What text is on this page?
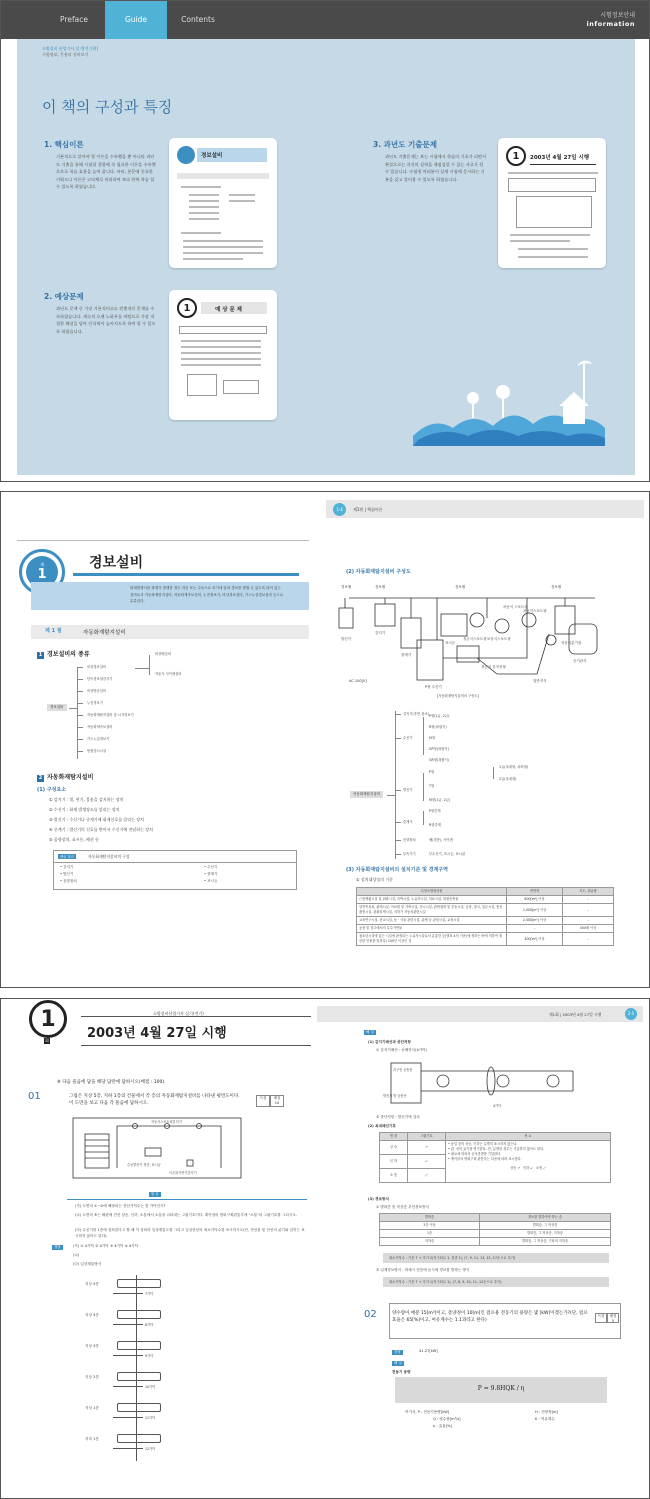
Preface	Guide	Contents	시험정보안내
information
소방설비 산업기사 실기[전기편]
시험정보, 응용의 설비보기
이 책의 구성과 특징
1. 핵심이론
기본적으로 알아야 할 이론을 수록했을 뿐 아니라 과년도 기출을 통해 시험할 경향에 꼭 필요한 이론을 수록했으므로 학습 효율을 높여 줍니다. 특히, 본문에 중요한 키워드나 이론은 고딕체로 처리하여 보다 반복 학습 할 수 있도록 하였습니다.
2. 예상문제
과년도 문제 중 가장 기본적이고도 빈출적인 문제를 수록하였습니다. 계속적 오랜 노하우를 바탕으로 가장 적절한 해설을 담아 인식력이 높아지도록 하여 할 수 있도록 하였습니다.
3. 과년도 기출문제
과년도 기출문제는 보는 시험에서 학습의 기초가 되면서 완결으로는 자신의 실력을 재점검할 수 있는 자료가 될 수 있습니다. 수험생 여러분이 실제 시험에 응시하는 기분을 갖고 풀어볼 수 있도록 하였습니다.
경보설비
1	예 상 문 제
1	2003년 4월 27일 시행
제
1
경보설비
화재발생시를 화재가 발생한 경우 자동 또는 수동으로 조기에 알려 경보를 발할 수 있도록 되어 있는 설비로서 자동화재탐지설비, 자동화재속보설비, 누전경보기, 비상경보설비, 가스누설경보설비 등으로 분류된다.
제 1 절	자동화재탐지설비
1 경보설비의 종류
경보설비
비상경보설비
단독경보형감지기
비상방송설비
누전경보기
자동화재탐지설비 및 시각경보기
자동화재속보설비
가스누설경보기
통합감시시설
비상벨설비
자동식 사이렌설비
2 자동화재탐지설비
(1) 구성요소
① 감지기 : 열, 연기, 불꽃을 감지하는 장치
② 수신기 : 화재 발생장소를 알리는 장치
③ 발신기 : 수신기나 중계기에 화재신호를 알리는 장치
④ 중계기 : 발신기의 신호를 받아서 수신기에 전달하는 장치
⑤ 음향장치, 표시등, 배선 등
핵심 정리	자동화재탐지설비의 구성
• 감지기
• 발신기
• 음향장치
• 수신기
• 중계기
• 표시등
1-4	제1편 | 핵심이론
(2) 자동화재탐지설비 구성도
경보벨	경보벨	경보벨	경보벨
발신기
감지기
중계기
표시등
정온식스포트형 보상식스포트형
차동식스포트형
공기관식
AC 100[V]
P형 수신기
자동식분기장
열반지식
정온식 감지선형
차동식 스포트형
[자동화재탐지설비의 구성도]
자동화재탐지설비
감지기(후면 참조)
수신기
발신기
중계기
음향장치
부속기기
P형(1급, 2급)
R형(복합식)
M형
GP형(복합식)
GR형(복합식)
P형
T형
M형(1급, 2급)
1급(옥내형, 옥외형)
2급(옥내형)
P형중계
R형중계
벨(경종), 사이렌
부수신기, 표시등, 표시판
(3) 자동화재탐지설비의 설치기준 및 경계구역
① 설치대상물의 기준
특정소방대상물	연면적	지도, 취급량
근린생활시설 및 위락시설, 숙박시설, 노유자시설, 의료시설, 복합건축물	600[m²] 이상	–
일반목욕장, 판매시설, 의료원 및 가축시설, 전시시설, 관람집회 및 운동시설, 공장, 창고, 업무시설, 통신촬영시설, 관광휴게시설, 지하가 자동차관련시설	1,000[m²] 이상	–
교육연구시설, 종교시설, 동ㆍ식물 관련시설, 위생 등 관련시설, 교정시설	2,000[m²] 이상	–
공장 및 창고에서의 특수가연물	–	500배 이상
청소년시설에 있는 시설에 판정되는 노유자시설로서 유흥한 등(별표 4의 기준)에 정하는 바에 의하여 계산한 인원을 말한다) 100인 이상인 것	400[m²] 이상	–
1
회
소방설비산업기사 실기(전기)
2003년 4월 27일 시행
※ 다음 물음에 답을 해당 답란에 답하시오(배점 : 100).
01	그림은 지상 5층, 지하 1층의 건물에서 각 층의 자동화재탐지설비를 나타낸 평면도이다. 이 도면을 보고 다음 각 물음에 답하시오.
득점	배점 10
자동식스포트형감지기
수동발신기 경종, 표시등
이온화식연기감지기
물 음
(가) 도면의 ①~④에 해당되는 전선가닥수는 몇 가닥인가?
(나) 도면의 ⑤는 배관에 전선 상승, 인하, 소통에서 소통을 나타내는 그림기호이다. 계이점의 방화구획관통부에 "소통"의 그림기호를 그리시오.
(다) 수신기를 1층에 설치한다고 할 때 이 설비의 입상계통도를 그리고 입상전선의 최소가닥수를 표시하시오(단, 전선관 및 전선의 굵기와 길이는 표시하지 않아도 된다).
정답	(가) ① 4가닥 ② 4가닥 ③ 4가닥 ④ 4가닥
(나)
(다) 입상계통방식
지상 5층
7가닥
지상 4층
8가닥
지상 3층
9가닥
지상 2층
10가닥
지상 1층
11가닥
지하 1층
12가닥
제1회 | 2003년 4월 27일 시행	2-5
해 설
(1) 감지기배선과 종단저항
① 감지기배선 : 송배전식(4가닥)
지구선 공통선
발신기 발 공통선
4가닥
② 종단저항 : 발신기에 설치
(2) 옥내배선기호
명 칭	그림기호	적 요
상 승	↗	• 동일 층의 상승, 인하는 특별히 표시하지 않는다.
• 관, 선의 굵기를 명기한다. 단, 분명한 경우는 기입하지 않아도 된다.
• 필요에 따라서 공사종별을 기입한다.
• 케이블의 방화구획 관통부는 다음에 따라 표시한다.
상승 ↗   인하 ↙   소통 ⤢

인 하	↙	
소 통	⤢	
(3) 경보방식
① 발화층 및 직상층 우선경보방식
발화층	경보를 발하여야 하는 층
2층 이상	발화층, 그 직상층
1층	발화층, 그 직상층, 지하층
지하층	발화층, 그 직상층, 기타의 지하층
최소가닥수 : 기본 7 + 추가 2(지구회로 1, 경종 1), (7, 9, 11, 13, 15, 17순으로 추가)
② 일제경보방식 : 화재시 전층에 동시에 경보를 발하는 방식
최소가닥수 : 기본 7 + 추가 1(지구회로 1), (7, 8, 9, 10, 11, 12순으로 추가)
02	양수량이 매분 15[m³]이고, 총양정이 10[m]인 펌프용 전동기의 용량은 몇 [kW]이겠는가?(단, 펌프효율은 65[%]이고, 여유계수는 1.1과라고 한다)
득점	배점 5
정답	41.27[kW]
해 설
전동기 용량
P = 9.8HQK / η
여기서, P : 전동기용량[kW]
Q : 양수량[m³/s]
η : 효율[%]
H : 전양정[m]
K : 여유계수
